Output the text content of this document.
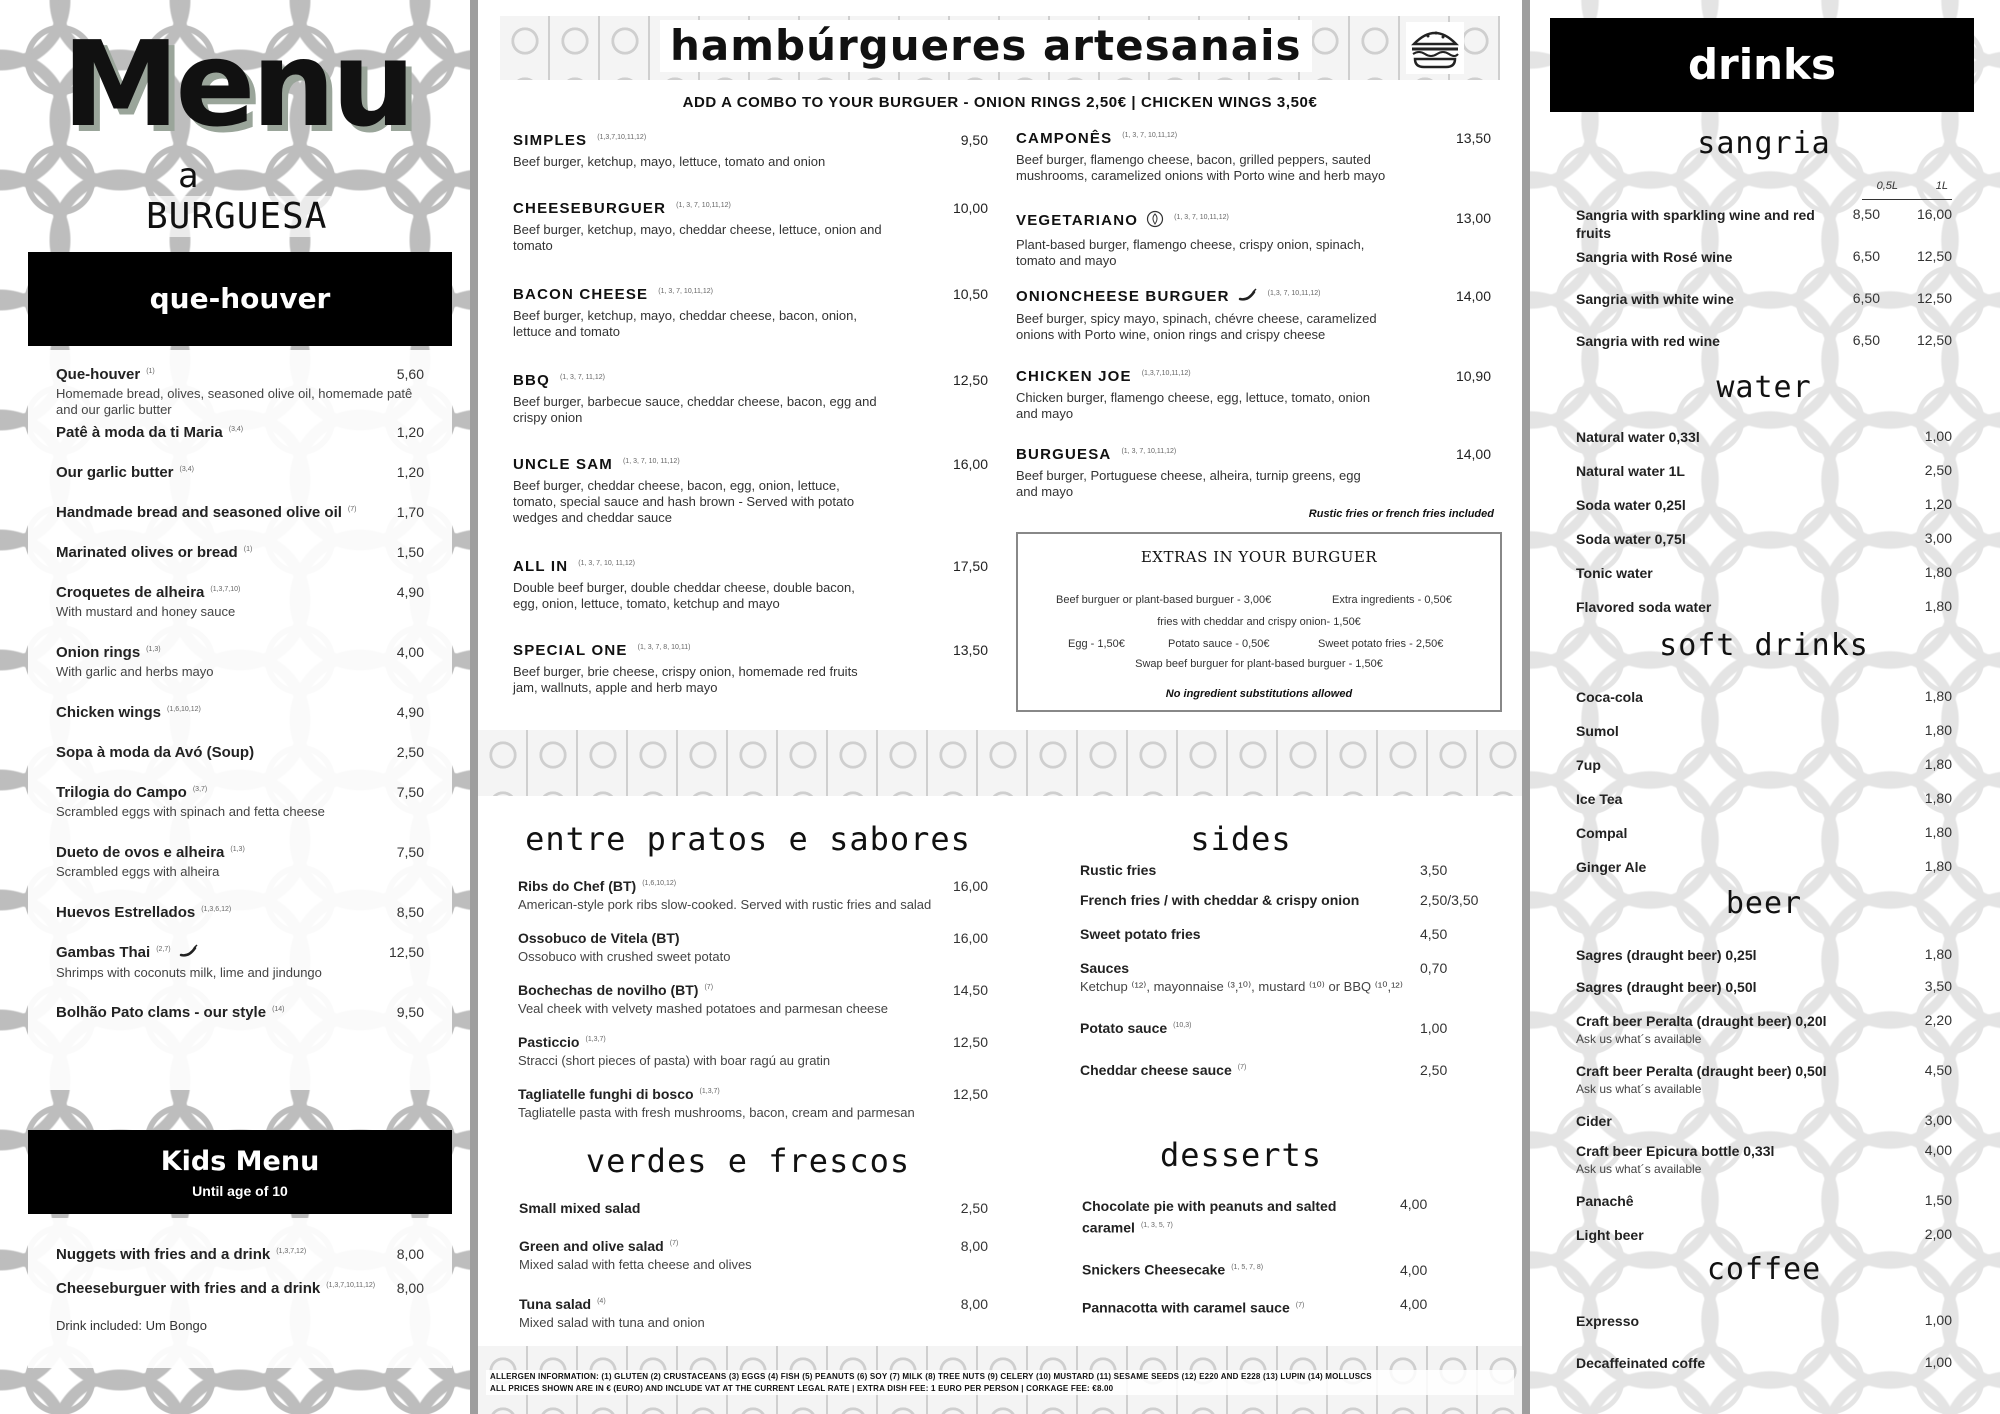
Menu
a
BURGUESA
que-houver
Que-houver $^{(1)}$
Homemade bread, olives, seasoned olive oil, homemade patê and our garlic butter
5,60
Patê à moda da ti Maria $^{(3,4)}$	1,20
Our garlic butter $^{(3,4)}$	1,20
Handmade bread and seasoned olive oil $^{(7)}$	1,70
Marinated olives or bread $^{(1)}$	1,50
Croquetes de alheira $^{(1,3,7,10)}$
With mustard and honey sauce
4,90
Onion rings $^{(1,3)}$
With garlic and herbs mayo
4,00
Chicken wings $^{(1,6,10,12)}$	4,90
Sopa à moda da Avó (Soup)	2,50
Trilogia do Campo $^{(3,7)}$
Scrambled eggs with spinach and fetta cheese
7,50
Dueto de ovos e alheira $^{(1,3)}$
Scrambled eggs with alheira
7,50
Huevos Estrellados $^{(1,3,6,12)}$	8,50
Gambas Thai $^{(2,7)}$
Shrimps with coconuts milk, lime and jindungo
12,50
Bolhão Pato clams - our style $^{(14)}$	9,50
Kids Menu
Until age of 10
Nuggets with fries and a drink $^{(1,3,7,12)}$	8,00
Cheeseburguer with fries and a drink $^{(1,3,7,10,11,12)}$	8,00
Drink included: Um Bongo
hambúrgueres artesanais
ADD A COMBO TO YOUR BURGUER - ONION RINGS 2,50€ | CHICKEN WINGS 3,50€
SIMPLES $^{(1,3,7,10,11,12)}$
Beef burger, ketchup, mayo, lettuce, tomato and onion
9,50
CHEESEBURGUER $^{(1, 3, 7, 10,11,12)}$
Beef burger, ketchup, mayo, cheddar cheese, lettuce, onion and tomato
10,00
BACON CHEESE $^{(1, 3, 7, 10,11,12)}$
Beef burger, ketchup, mayo, cheddar cheese, bacon, onion, lettuce and tomato
10,50
BBQ $^{(1, 3, 7, 11,12)}$
Beef burger, barbecue sauce, cheddar cheese, bacon, egg and crispy onion
12,50
UNCLE SAM $^{(1, 3, 7, 10, 11,12)}$
Beef burger, cheddar cheese, bacon, egg, onion, lettuce, tomato, special sauce and hash brown - Served with potato wedges and cheddar sauce
16,00
ALL IN $^{(1, 3, 7, 10, 11,12)}$
Double beef burger, double cheddar cheese, double bacon, egg, onion, lettuce, tomato, ketchup and mayo
17,50
SPECIAL ONE $^{(1, 3, 7, 8, 10,11)}$
Beef burger, brie cheese, crispy onion, homemade red fruits jam, wallnuts, apple and herb mayo
13,50
CAMPONÊS $^{(1, 3, 7, 10,11,12)}$
Beef burger, flamengo cheese, bacon, grilled peppers, sauted mushrooms, caramelized onions with Porto wine and herb mayo
13,50
VEGETARIANO	$^{(1, 3, 7, 10,11,12)}$
Plant-based burger, flamengo cheese, crispy onion, spinach, tomato and mayo
13,00
ONIONCHEESE BURGUER	$^{(1,3, 7, 10,11,12)}$
Beef burger, spicy mayo, spinach, chévre cheese, caramelized onions with Porto wine, onion rings and crispy cheese
14,00
CHICKEN JOE $^{(1,3,7,10,11,12)}$
Chicken burger, flamengo cheese, egg, lettuce, tomato, onion and mayo
10,90
BURGUESA $^{(1, 3, 7, 10,11,12)}$
Beef burger, Portuguese cheese, alheira, turnip greens, egg and mayo
14,00
Rustic fries or french fries included
EXTRAS IN YOUR BURGUER
Beef burguer or plant-based burguer - 3,00€	Extra ingredients - 0,50€
fries with cheddar and crispy onion- 1,50€
Egg - 1,50€	Potato sauce - 0,50€	Sweet potato fries - 2,50€
Swap beef burguer for plant-based burguer - 1,50€
No ingredient substitutions allowed
entre pratos e sabores
Ribs do Chef (BT) $^{(1,6,10,12)}$
American-style pork ribs slow-cooked. Served with rustic fries and salad
16,00
Ossobuco de Vitela (BT)
Ossobuco with crushed sweet potato
16,00
Bochechas de novilho (BT) $^{(7)}$
Veal cheek with velvety mashed potatoes and parmesan cheese
14,50
Pasticcio $^{(1,3,7)}$
Stracci (short pieces of pasta) with boar ragú au gratin
12,50
Tagliatelle funghi di bosco $^{(1,3,7)}$
Tagliatelle pasta with fresh mushrooms, bacon, cream and parmesan
12,50
verdes e frescos
Small mixed salad	2,50
Green and olive salad $^{(7)}$
Mixed salad with fetta cheese and olives
8,00
Tuna salad $^{(4)}$
Mixed salad with tuna and onion
8,00
sides
Rustic fries	3,50
French fries / with cheddar & crispy onion	2,50/3,50
Sweet potato fries	4,50
Sauces
Ketchup ⁽¹²⁾, mayonnaise ⁽³,¹⁰⁾, mustard ⁽¹⁰⁾ or BBQ ⁽¹⁰,¹²⁾
0,70
Potato sauce $^{(10,3)}$	1,00
Cheddar cheese sauce $^{(7)}$	2,50
desserts
Chocolate pie with peanuts and salted caramel $^{(1, 3, 5, 7)}$
4,00
Snickers Cheesecake $^{(1, 5, 7, 8)}$	4,00
Pannacotta with caramel sauce $^{(7)}$	4,00
ALLERGEN INFORMATION: (1) GLUTEN (2) CRUSTACEANS (3) EGGS (4) FISH (5) PEANUTS (6) SOY (7) MILK (8) TREE NUTS (9) CELERY (10) MUSTARD (11) SESAME SEEDS (12) E220 AND E228 (13) LUPIN (14) MOLLUSCS
ALL PRICES SHOWN ARE IN € (EURO) AND INCLUDE VAT AT THE CURRENT LEGAL RATE | EXTRA DISH FEE: 1 EURO PER PERSON | CORKAGE FEE: €8.00
drinks
sangria
0,5L	1L
Sangria with sparkling wine and red fruits
8,50	16,00
Sangria with Rosé wine	6,50	12,50
Sangria with white wine	6,50	12,50
Sangria with red wine	6,50	12,50
water
Natural water 0,33l	1,00
Natural water 1L	2,50
Soda water 0,25l	1,20
Soda water 0,75l	3,00
Tonic water	1,80
Flavored soda water	1,80
soft drinks
Coca-cola	1,80
Sumol	1,80
7up	1,80
Ice Tea	1,80
Compal	1,80
Ginger Ale	1,80
beer
Sagres (draught beer) 0,25l	1,80
Sagres (draught beer) 0,50l	3,50
Craft beer Peralta (draught beer) 0,20l
Ask us what´s available
2,20
Craft beer Peralta (draught beer) 0,50l
Ask us what´s available
4,50
Cider	3,00
Craft beer Epicura bottle 0,33l
Ask us what´s available
4,00
Panachê	1,50
Light beer	2,00
coffee
Expresso	1,00
Decaffeinated coffe	1,00
